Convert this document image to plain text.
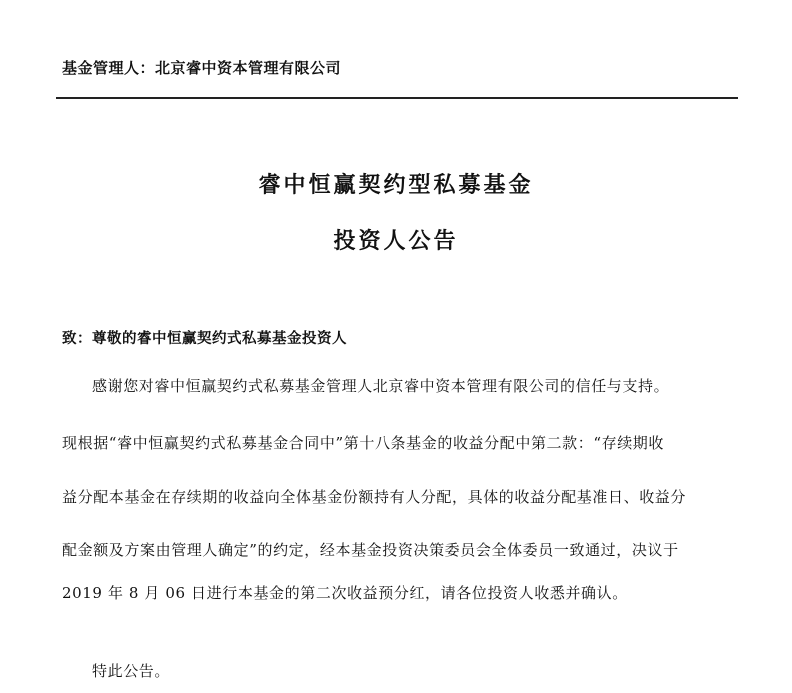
基金管理人：北京睿中资本管理有限公司
睿中恒赢契约型私募基金
投资人公告
致：尊敬的睿中恒赢契约式私募基金投资人
感谢您对睿中恒赢契约式私募基金管理人北京睿中资本管理有限公司的信任与支持。
现根据“睿中恒赢契约式私募基金合同中”第十八条基金的收益分配中第二款：“存续期收
益分配本基金在存续期的收益向全体基金份额持有人分配，具体的收益分配基准日、收益分
配金额及方案由管理人确定”的约定，经本基金投资决策委员会全体委员一致通过，决议于
2019 年 8 月 06 日进行本基金的第二次收益预分红，请各位投资人收悉并确认。
特此公告。
